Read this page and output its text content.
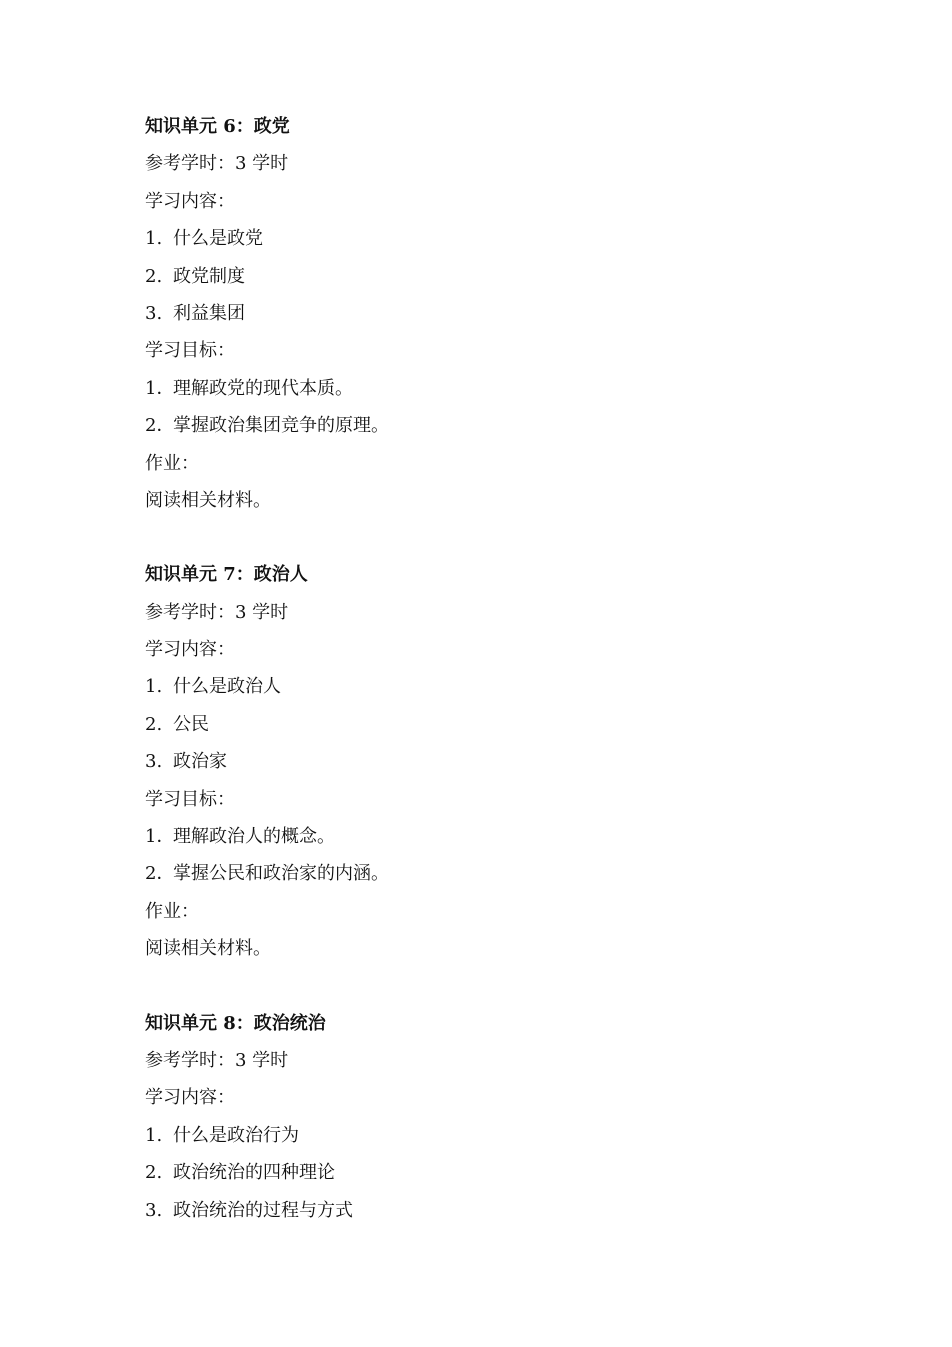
知识单元 6：政党
参考学时：3 学时
学习内容：
1. 什么是政党
2. 政党制度
3. 利益集团
学习目标：
1．理解政党的现代本质。
2．掌握政治集团竞争的原理。
作业：
阅读相关材料。
知识单元 7：政治人
参考学时：3 学时
学习内容：
1. 什么是政治人
2. 公民
3. 政治家
学习目标：
1．理解政治人的概念。
2．掌握公民和政治家的内涵。
作业：
阅读相关材料。
知识单元 8：政治统治
参考学时：3 学时
学习内容：
1. 什么是政治行为
2. 政治统治的四种理论
3. 政治统治的过程与方式
